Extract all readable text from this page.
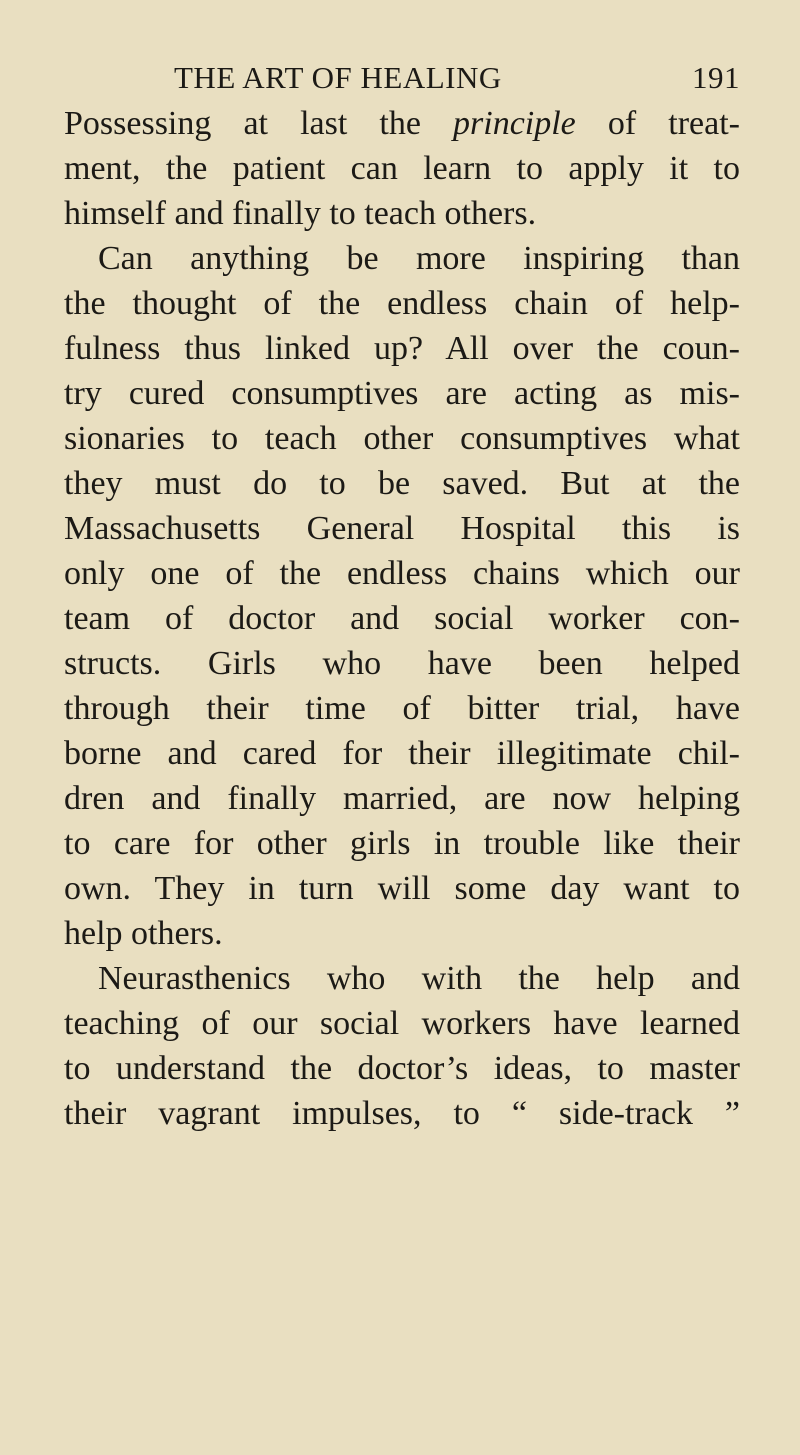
THE ART OF HEALING	191
Possessing at last the principle of treat-
ment, the patient can learn to apply it to
himself and finally to teach others.
Can anything be more inspiring than
the thought of the endless chain of help-
fulness thus linked up? All over the coun-
try cured consumptives are acting as mis-
sionaries to teach other consumptives what
they must do to be saved. But at the
Massachusetts General Hospital this is
only one of the endless chains which our
team of doctor and social worker con-
structs. Girls who have been helped
through their time of bitter trial, have
borne and cared for their illegitimate chil-
dren and finally married, are now helping
to care for other girls in trouble like their
own. They in turn will some day want to
help others.
Neurasthenics who with the help and
teaching of our social workers have learned
to understand the doctor’s ideas, to master
their vagrant impulses, to “ side-track ”
